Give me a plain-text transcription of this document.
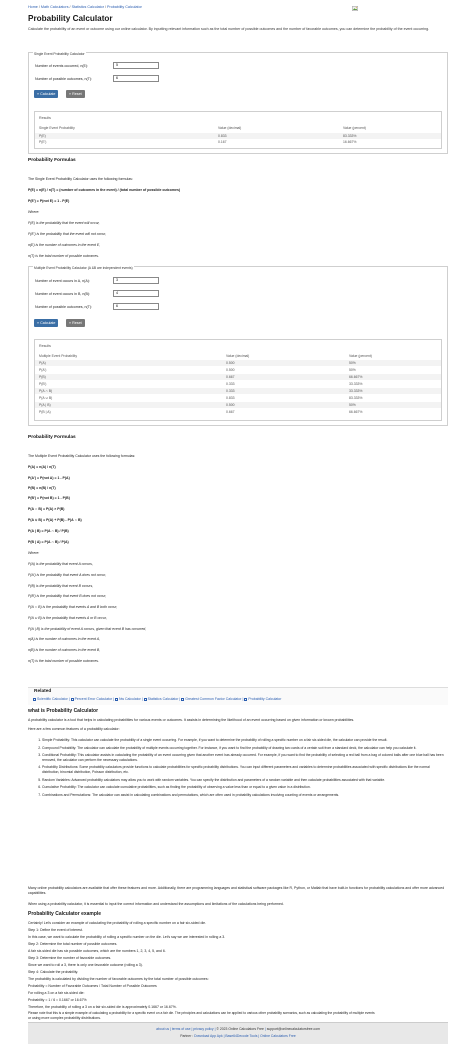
Home/Math Calculators/Statistics Calculator/Probability Calculator
Probability Calculator

Calculate the probability of an event or outcome using our online calculator. By inputting relevant information such as the total number of possible outcomes and the number of favorable outcomes, you can determine the probability of the event occurring.

Single Event Probability Calculator
Number of events occurred, n(E):	5
Number of possible outcomes, n(T):	6
» Calculate	» Reset
Results
Single Event Probability	Value (decimal)	Value (percent)
P(E)	0.833	83.333%
P(E')	0.167	16.667%
Probability Formulas
The Single Event Probability Calculator uses the following formulas:
P(E) = n(E) / n(T) = (number of outcomes in the event) / (total number of possible outcomes)
P(E') = P(not E) = 1 - P(E)
Where:
P(E) is the probability that the event will occur,
P(E') is the probability that the event will not occur,
n(E) is the number of outcomes in the event E,
n(T) is the total number of possible outcomes.
Multiple Event Probability Calculator (A &B are independent events)
Number of event occurs in A, n(A):	3
Number of event occurs in B, n(B):	4
Number of possible outcomes, n(T):	6
» Calculate	» Reset
Results
Multiple Event Probability	Value (decimal)	Value (percent)
P(A)	0.500	50%
P(A')	0.500	50%
P(B)	0.667	66.667%
P(B')	0.333	33.333%
P(A ∩ B)	0.333	33.333%
P(A ∪ B)	0.833	83.333%
P(A | B)	0.500	50%
P(B | A)	0.667	66.667%
Probability Formulas
The Multiple Event Probability Calculator uses the following formulas:
P(A) = n(A) / n(T)
P(A') = P(not A) = 1 - P(A)
P(B) = n(B) / n(T)
P(B') = P(not B) = 1 - P(B)
P(A ∩ B) = P(A) × P(B)
P(A ∪ B) = P(A) + P(B) - P(A ∩ B)
P(A | B) = P(A ∩ B) / P(B)
P(B | A) = P(A ∩ B) / P(A)
Where:
P(A) is the probability that event A occurs,
P(A') is the probability that event A does not occur,
P(B) is the probability that event B occurs,
P(B') is the probability that event B does not occur,
P(A ∩ B) is the probability that events A and B both occur,
P(A ∪ B) is the probability that events A or B occur,
P(A | B) is the probability of event A occurs, given that event B has occurred,
n(A) is the number of outcomes in the event A,
n(B) is the number of outcomes in the event B,
n(T) is the total number of possible outcomes.
Related
Scientific Calculator | Percent Error Calculator | Nw Calculator | Statistics Calculator | Greatest Common Factor Calculator | Probability Calculator
what is Probability Calculator

A probability calculator is a tool that helps in calculating probabilities for various events or outcomes. It assists in determining the likelihood of an event occurring based on given information or known probabilities.

Here are a few common features of a probability calculator:

1. Simple Probability: This calculator can calculate the probability of a single event occurring. For example, if you want to determine the probability of rolling a specific number on a fair six-sided die, the calculator can provide the result.
2. Compound Probability: The calculator can calculate the probability of multiple events occurring together. For instance, if you want to find the probability of drawing two cards of a certain suit from a standard deck, the calculator can help you calculate it.
3. Conditional Probability: This calculator assists in calculating the probability of an event occurring given that another event has already occurred. For example, if you want to find the probability of selecting a red ball from a bag of colored balls after one blue ball has been removed, the calculator can perform the necessary calculations.
4. Probability Distributions: Some probability calculators provide functions to calculate probabilities for specific probability distributions. You can input different parameters and variables to determine probabilities associated with specific distributions like the normal distribution, binomial distribution, Poisson distribution, etc.
5. Random Variables: Advanced probability calculators may allow you to work with random variables. You can specify the distribution and parameters of a random variable and then calculate probabilities associated with that variable.
6. Cumulative Probability: The calculator can calculate cumulative probabilities, such as finding the probability of observing a value less than or equal to a given value in a distribution.
7. Combinations and Permutations: The calculator can assist in calculating combinations and permutations, which are often used in probability calculations involving counting of events or arrangements.

Many online probability calculators are available that offer these features and more. Additionally, there are programming languages and statistical software packages like R, Python, or Matlab that have built-in functions for probability calculations and offer more advanced capabilities.

When using a probability calculator, it is essential to input the correct information and understand the assumptions and limitations of the calculations being performed.

Probability Calculator example
Certainly! Let's consider an example of calculating the probability of rolling a specific number on a fair six-sided die.
Step 1: Define the event of interest.
In this case, we want to calculate the probability of rolling a specific number on the die. Let's say we are interested in rolling a 3.
Step 2: Determine the total number of possible outcomes.
A fair six-sided die has six possible outcomes, which are the numbers 1, 2, 3, 4, 5, and 6.
Step 3: Determine the number of favorable outcomes.
Since we want to roll a 3, there is only one favorable outcome (rolling a 3).
Step 4: Calculate the probability.
The probability is calculated by dividing the number of favorable outcomes by the total number of possible outcomes:
Probability = Number of Favorable Outcomes / Total Number of Possible Outcomes
For rolling a 3 on a fair six-sided die:
Probability = 1 / 6 ≈ 0.1667 or 16.67%
Therefore, the probability of rolling a 3 on a fair six-sided die is approximately 0.1667 or 16.67%.
Please note that this is a simple example of calculating a probability for a specific event on a fair die. The principles and calculations can be applied to various other probability scenarios, such as calculating the probability of multiple events
or using more complex probability distributions.
about us | terms of use | privacy policy | © 2023 Online Calculators Free | support@onlinecalculatorsfree.com
Partner : Download App Apk | Base64Decode Tools | Online Calculators Free
